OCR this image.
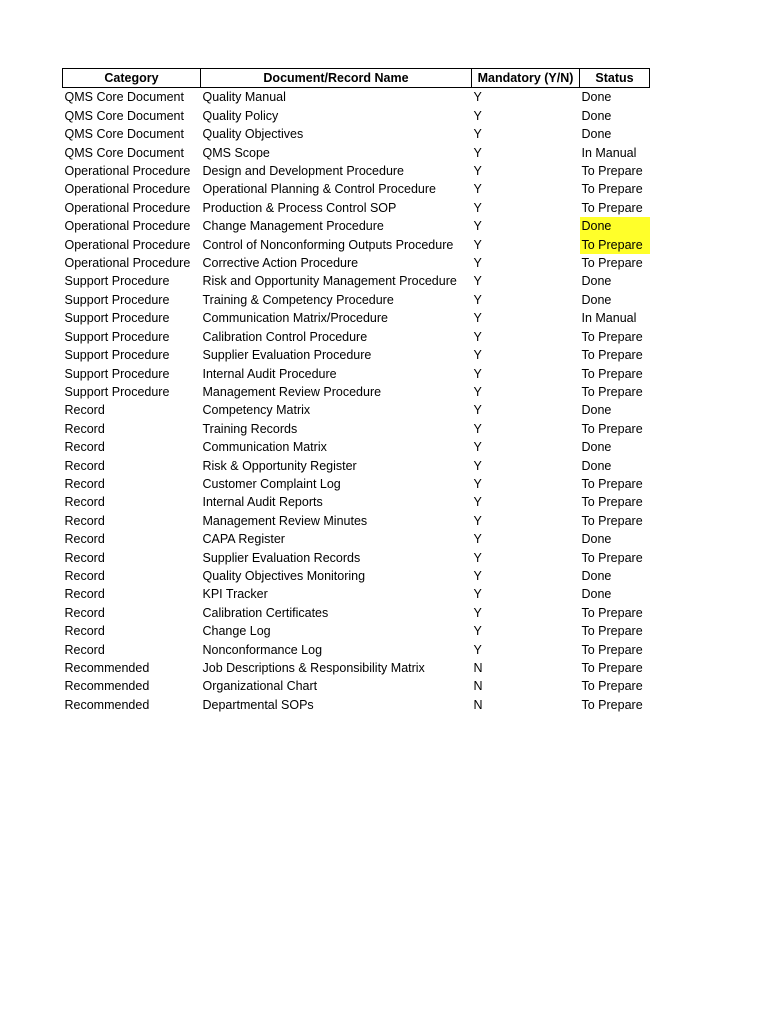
Category	Document/Record Name	Mandatory (Y/N)	Status
QMS Core Document	Quality Manual	Y	Done
QMS Core Document	Quality Policy	Y	Done
QMS Core Document	Quality Objectives	Y	Done
QMS Core Document	QMS Scope	Y	In Manual
Operational Procedure	Design and Development Procedure	Y	To Prepare
Operational Procedure	Operational Planning & Control Procedure	Y	To Prepare
Operational Procedure	Production & Process Control SOP	Y	To Prepare
Operational Procedure	Change Management Procedure	Y	Done
Operational Procedure	Control of Nonconforming Outputs Procedure	Y	To Prepare
Operational Procedure	Corrective Action Procedure	Y	To Prepare
Support Procedure	Risk and Opportunity Management Procedure	Y	Done
Support Procedure	Training & Competency Procedure	Y	Done
Support Procedure	Communication Matrix/Procedure	Y	In Manual
Support Procedure	Calibration Control Procedure	Y	To Prepare
Support Procedure	Supplier Evaluation Procedure	Y	To Prepare
Support Procedure	Internal Audit Procedure	Y	To Prepare
Support Procedure	Management Review Procedure	Y	To Prepare
Record	Competency Matrix	Y	Done
Record	Training Records	Y	To Prepare
Record	Communication Matrix	Y	Done
Record	Risk & Opportunity Register	Y	Done
Record	Customer Complaint Log	Y	To Prepare
Record	Internal Audit Reports	Y	To Prepare
Record	Management Review Minutes	Y	To Prepare
Record	CAPA Register	Y	Done
Record	Supplier Evaluation Records	Y	To Prepare
Record	Quality Objectives Monitoring	Y	Done
Record	KPI Tracker	Y	Done
Record	Calibration Certificates	Y	To Prepare
Record	Change Log	Y	To Prepare
Record	Nonconformance Log	Y	To Prepare
Recommended	Job Descriptions & Responsibility Matrix	N	To Prepare
Recommended	Organizational Chart	N	To Prepare
Recommended	Departmental SOPs	N	To Prepare
